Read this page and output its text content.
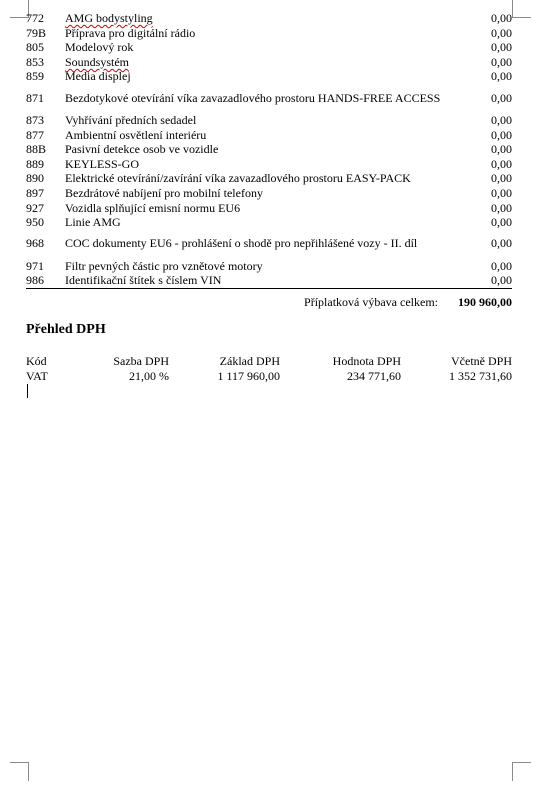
772	AMG bodystyling	0,00
79B	Příprava pro digitální rádio	0,00
805	Modelový rok	0,00
853	Soundsystém	0,00
859	Media displej	0,00
871	Bezdotykové otevírání víka zavazadlového prostoru HANDS-FREE ACCESS	0,00
873	Vyhřívání předních sedadel	0,00
877	Ambientní osvětlení interiéru	0,00
88B	Pasivní detekce osob ve vozidle	0,00
889	KEYLESS-GO	0,00
890	Elektrické otevírání/zavírání víka zavazadlového prostoru EASY-PACK	0,00
897	Bezdrátové nabíjení pro mobilní telefony	0,00
927	Vozidla splňující emisní normu EU6	0,00
950	Linie AMG	0,00
968	COC dokumenty EU6 - prohlášení o shodě pro nepřihlášené vozy - II. díl	0,00
971	Filtr pevných částic pro vznětové motory	0,00
986	Identifikační štítek s číslem VIN	0,00
Příplatková výbava celkem:	190 960,00
Přehled DPH
Kód	Sazba DPH	Základ DPH	Hodnota DPH	Včetně DPH
VAT	21,00 %	1 117 960,00	234 771,60	1 352 731,60
